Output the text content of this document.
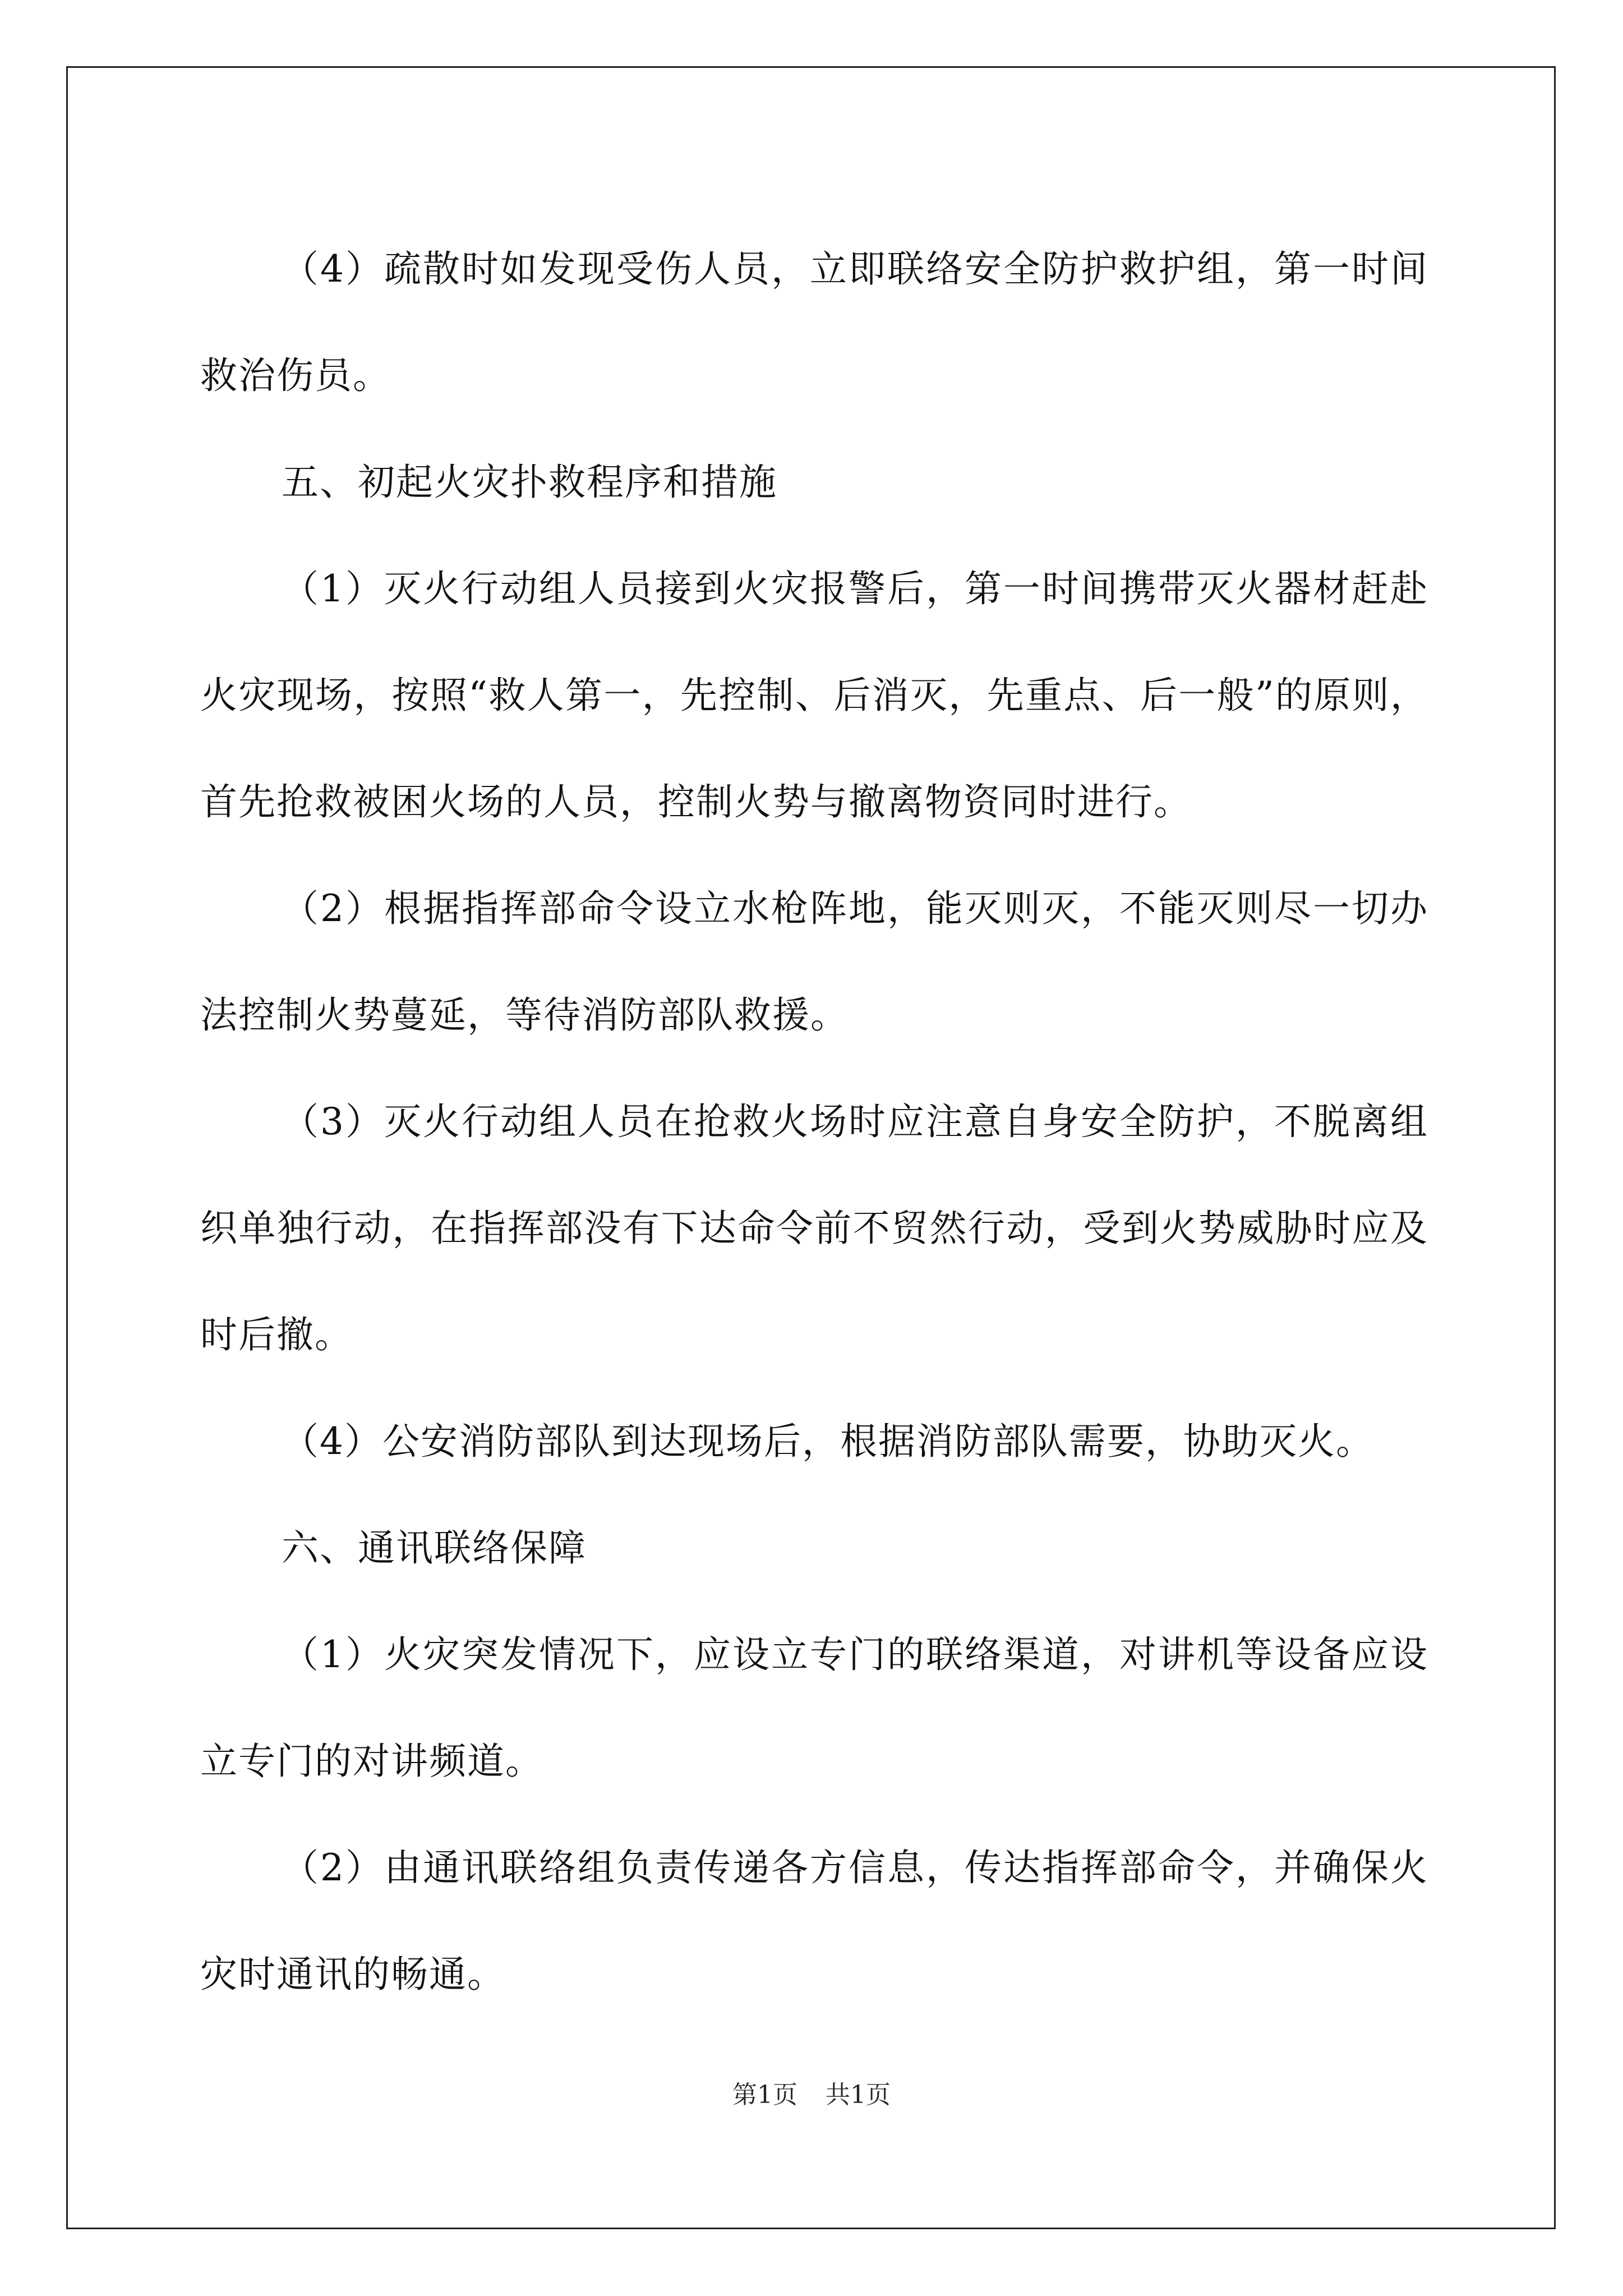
（4）疏散时如发现受伤人员，立即联络安全防护救护组，第一时间救治伤员。

五、初起火灾扑救程序和措施

（1）灭火行动组人员接到火灾报警后，第一时间携带灭火器材赶赴火灾现场，按照“救人第一，先控制、后消灭，先重点、后一般”的原则，首先抢救被困火场的人员，控制火势与撤离物资同时进行。

（2）根据指挥部命令设立水枪阵地，能灭则灭，不能灭则尽一切办法控制火势蔓延，等待消防部队救援。

（3）灭火行动组人员在抢救火场时应注意自身安全防护，不脱离组织单独行动，在指挥部没有下达命令前不贸然行动，受到火势威胁时应及时后撤。

（4）公安消防部队到达现场后，根据消防部队需要，协助灭火。

六、通讯联络保障

（1）火灾突发情况下，应设立专门的联络渠道，对讲机等设备应设立专门的对讲频道。

（2）由通讯联络组负责传递各方信息，传达指挥部命令，并确保火灾时通讯的畅通。

第1页 共1页
